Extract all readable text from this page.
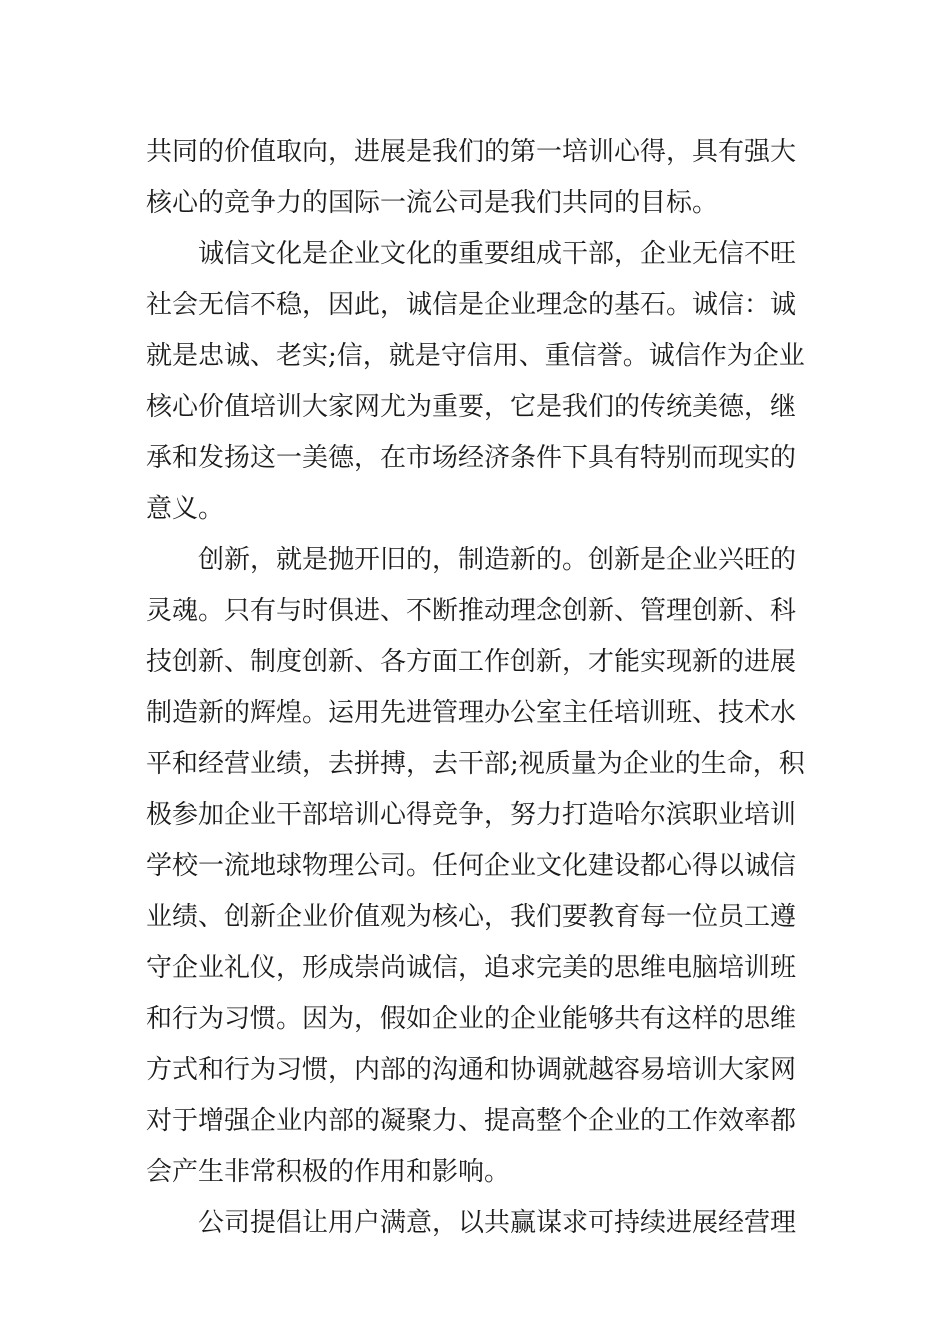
共同的价值取向，进展是我们的第一培训心得，具有强大
核心的竞争力的国际一流公司是我们共同的目标。
诚信文化是企业文化的重要组成干部，企业无信不旺
社会无信不稳，因此，诚信是企业理念的基石。诚信：诚
就是忠诚、老实;信，就是守信用、重信誉。诚信作为企业
核心价值培训大家网尤为重要，它是我们的传统美德，继
承和发扬这一美德，在市场经济条件下具有特别而现实的
意义。
创新，就是抛开旧的，制造新的。创新是企业兴旺的
灵魂。只有与时俱进、不断推动理念创新、管理创新、科
技创新、制度创新、各方面工作创新，才能实现新的进展
制造新的辉煌。运用先进管理办公室主任培训班、技术水
平和经营业绩，去拼搏，去干部;视质量为企业的生命，积
极参加企业干部培训心得竞争，努力打造哈尔滨职业培训
学校一流地球物理公司。任何企业文化建设都心得以诚信
业绩、创新企业价值观为核心，我们要教育每一位员工遵
守企业礼仪，形成崇尚诚信，追求完美的思维电脑培训班
和行为习惯。因为，假如企业的企业能够共有这样的思维
方式和行为习惯，内部的沟通和协调就越容易培训大家网
对于增强企业内部的凝聚力、提高整个企业的工作效率都
会产生非常积极的作用和影响。
公司提倡让用户满意，以共赢谋求可持续进展经营理
